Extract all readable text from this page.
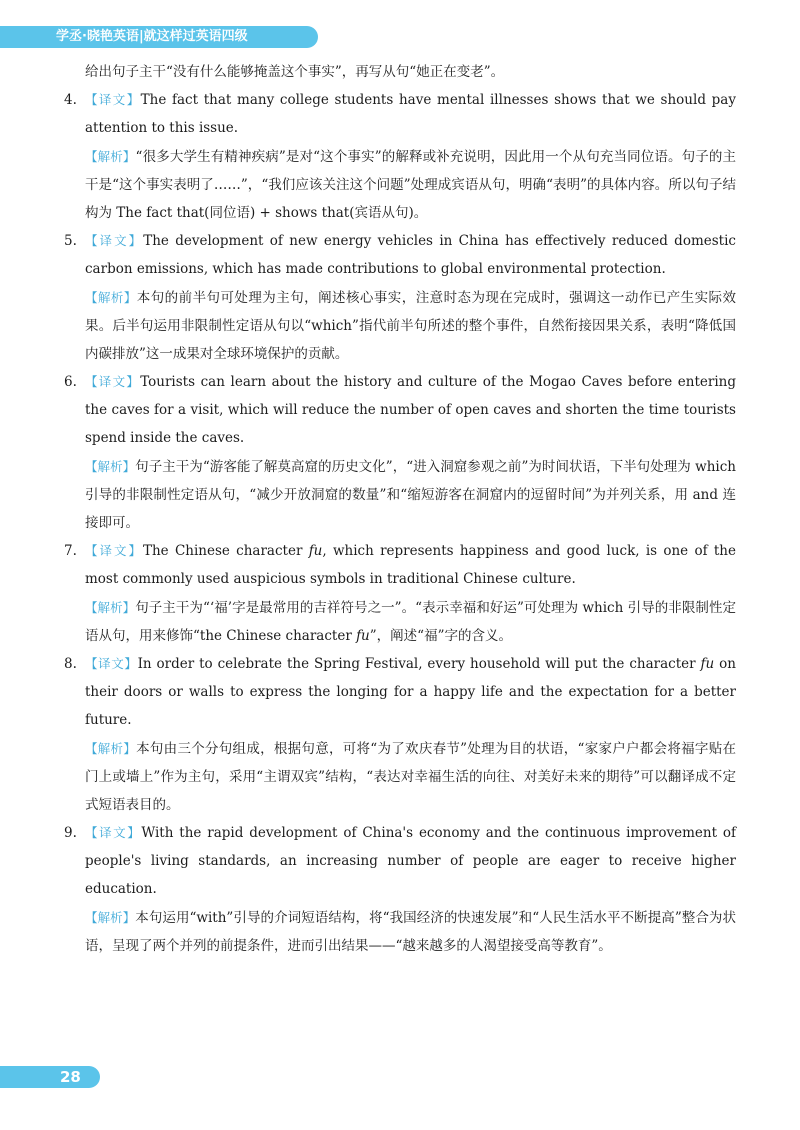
学丞·晓艳英语|就这样过英语四级
给出句子主干“没有什么能够掩盖这个事实”，再写从句“她正在变老”。
4. 【译文】The fact that many college students have mental illnesses shows that we should pay attention to this issue.
【解析】“很多大学生有精神疾病”是对“这个事实”的解释或补充说明，因此用一个从句充当同位语。句子的主干是“这个事实表明了……”，“我们应该关注这个问题”处理成宾语从句，明确“表明”的具体内容。所以句子结构为 The fact that(同位语) + shows that(宾语从句)。
5. 【译文】The development of new energy vehicles in China has effectively reduced domestic carbon emissions, which has made contributions to global environmental protection.
【解析】本句的前半句可处理为主句，阐述核心事实，注意时态为现在完成时，强调这一动作已产生实际效果。后半句运用非限制性定语从句以“which”指代前半句所述的整个事件，自然衔接因果关系，表明“降低国内碳排放”这一成果对全球环境保护的贡献。
6. 【译文】Tourists can learn about the history and culture of the Mogao Caves before entering the caves for a visit, which will reduce the number of open caves and shorten the time tourists spend inside the caves.
【解析】句子主干为“游客能了解莫高窟的历史文化”，“进入洞窟参观之前”为时间状语，下半句处理为 which 引导的非限制性定语从句，“减少开放洞窟的数量”和“缩短游客在洞窟内的逗留时间”为并列关系，用 and 连接即可。
7. 【译文】The Chinese character fu, which represents happiness and good luck, is one of the most commonly used auspicious symbols in traditional Chinese culture.
【解析】句子主干为“‘福’字是最常用的吉祥符号之一”。“表示幸福和好运”可处理为 which 引导的非限制性定语从句，用来修饰“the Chinese character fu”，阐述“福”字的含义。
8. 【译文】In order to celebrate the Spring Festival, every household will put the character fu on their doors or walls to express the longing for a happy life and the expectation for a better future.
【解析】本句由三个分句组成，根据句意，可将“为了欢庆春节”处理为目的状语，“家家户户都会将福字贴在门上或墙上”作为主句，采用“主谓双宾”结构，“表达对幸福生活的向往、对美好未来的期待”可以翻译成不定式短语表目的。
9. 【译文】With the rapid development of China's economy and the continuous improvement of people's living standards, an increasing number of people are eager to receive higher education.
【解析】本句运用“with”引导的介词短语结构，将“我国经济的快速发展”和“人民生活水平不断提高”整合为状语，呈现了两个并列的前提条件，进而引出结果——“越来越多的人渴望接受高等教育”。
28
